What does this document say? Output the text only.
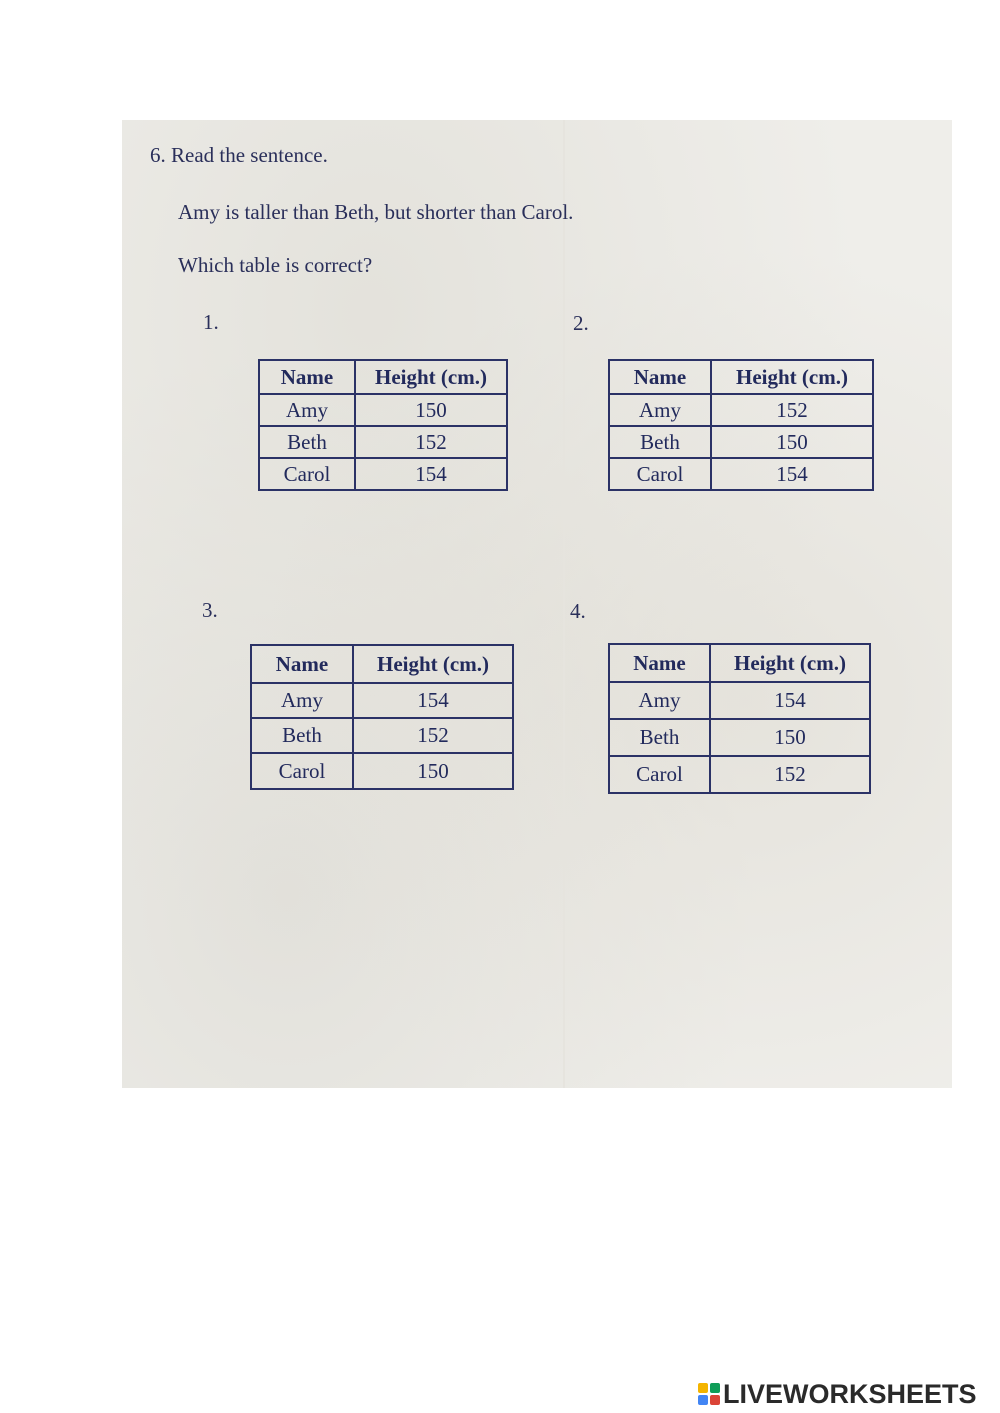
6. Read the sentence.
Amy is taller than Beth, but shorter than Carol.
Which table is correct?
1.
Name	Height (cm.)
Amy	150
Beth	152
Carol	154
2.
Name	Height (cm.)
Amy	152
Beth	150
Carol	154
3.
Name	Height (cm.)
Amy	154
Beth	152
Carol	150
4.
Name	Height (cm.)
Amy	154
Beth	150
Carol	152
LIVEWORKSHEETS
